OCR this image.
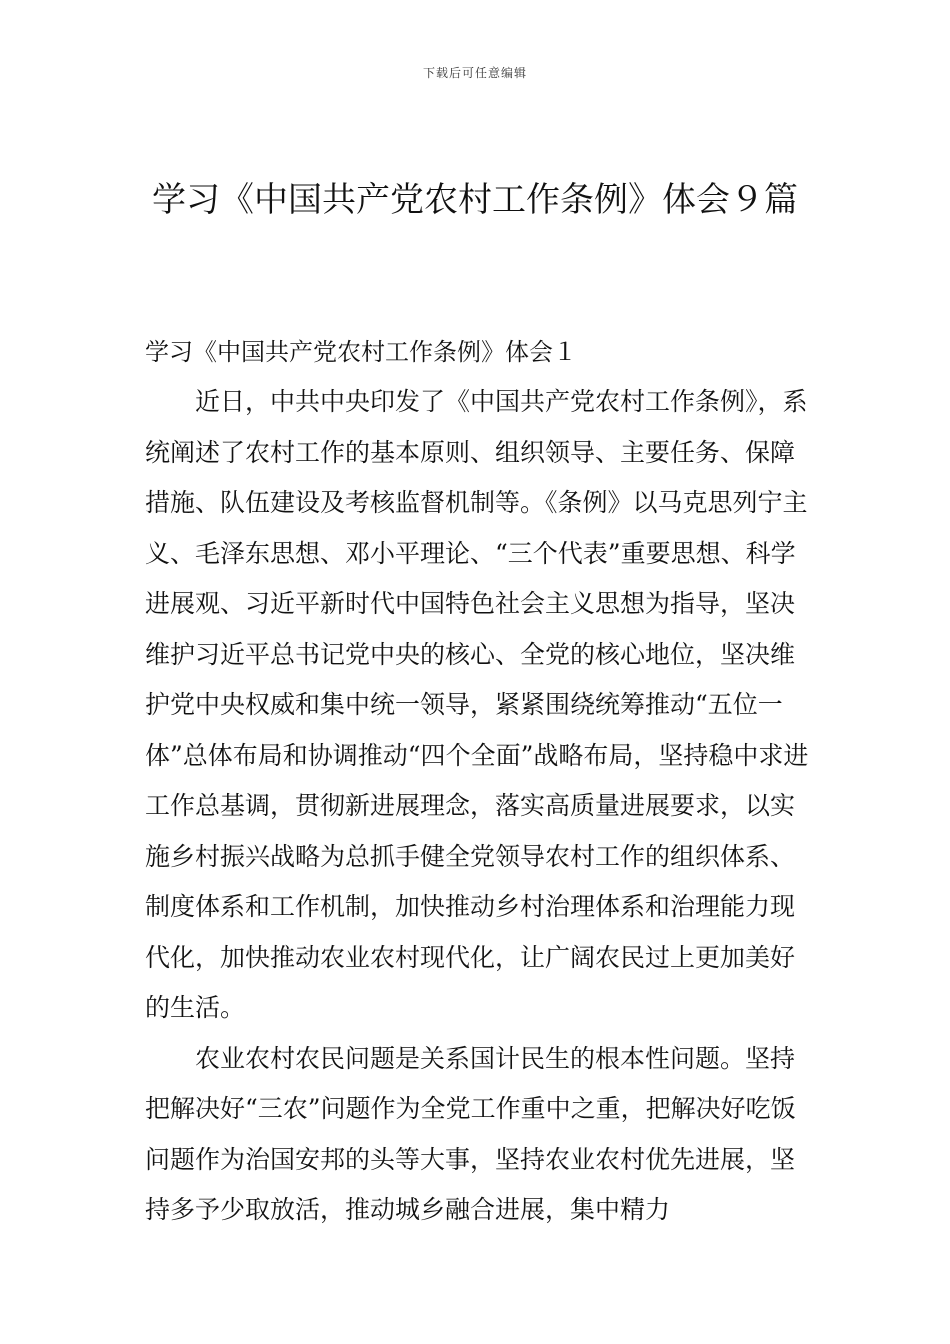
下载后可任意编辑
学习《中国共产党农村工作条例》体会９篇

学习《中国共产党农村工作条例》体会１

近日，中共中央印发了《中国共产党农村工作条例》，系统阐述了农村工作的基本原则、组织领导、主要任务、保障措施、队伍建设及考核监督机制等。《条例》以马克思列宁主义、毛泽东思想、邓小平理论、“三个代表”重要思想、科学进展观、习近平新时代中国特色社会主义思想为指导，坚决维护习近平总书记党中央的核心、全党的核心地位，坚决维护党中央权威和集中统一领导，紧紧围绕统筹推动“五位一体”总体布局和协调推动“四个全面”战略布局，坚持稳中求进工作总基调，贯彻新进展理念，落实高质量进展要求，以实施乡村振兴战略为总抓手健全党领导农村工作的组织体系、制度体系和工作机制，加快推动乡村治理体系和治理能力现代化，加快推动农业农村现代化，让广阔农民过上更加美好的生活。

农业农村农民问题是关系国计民生的根本性问题。坚持把解决好“三农”问题作为全党工作重中之重，把解决好吃饭问题作为治国安邦的头等大事，坚持农业农村优先进展，坚持多予少取放活，推动城乡融合进展，集中精力
